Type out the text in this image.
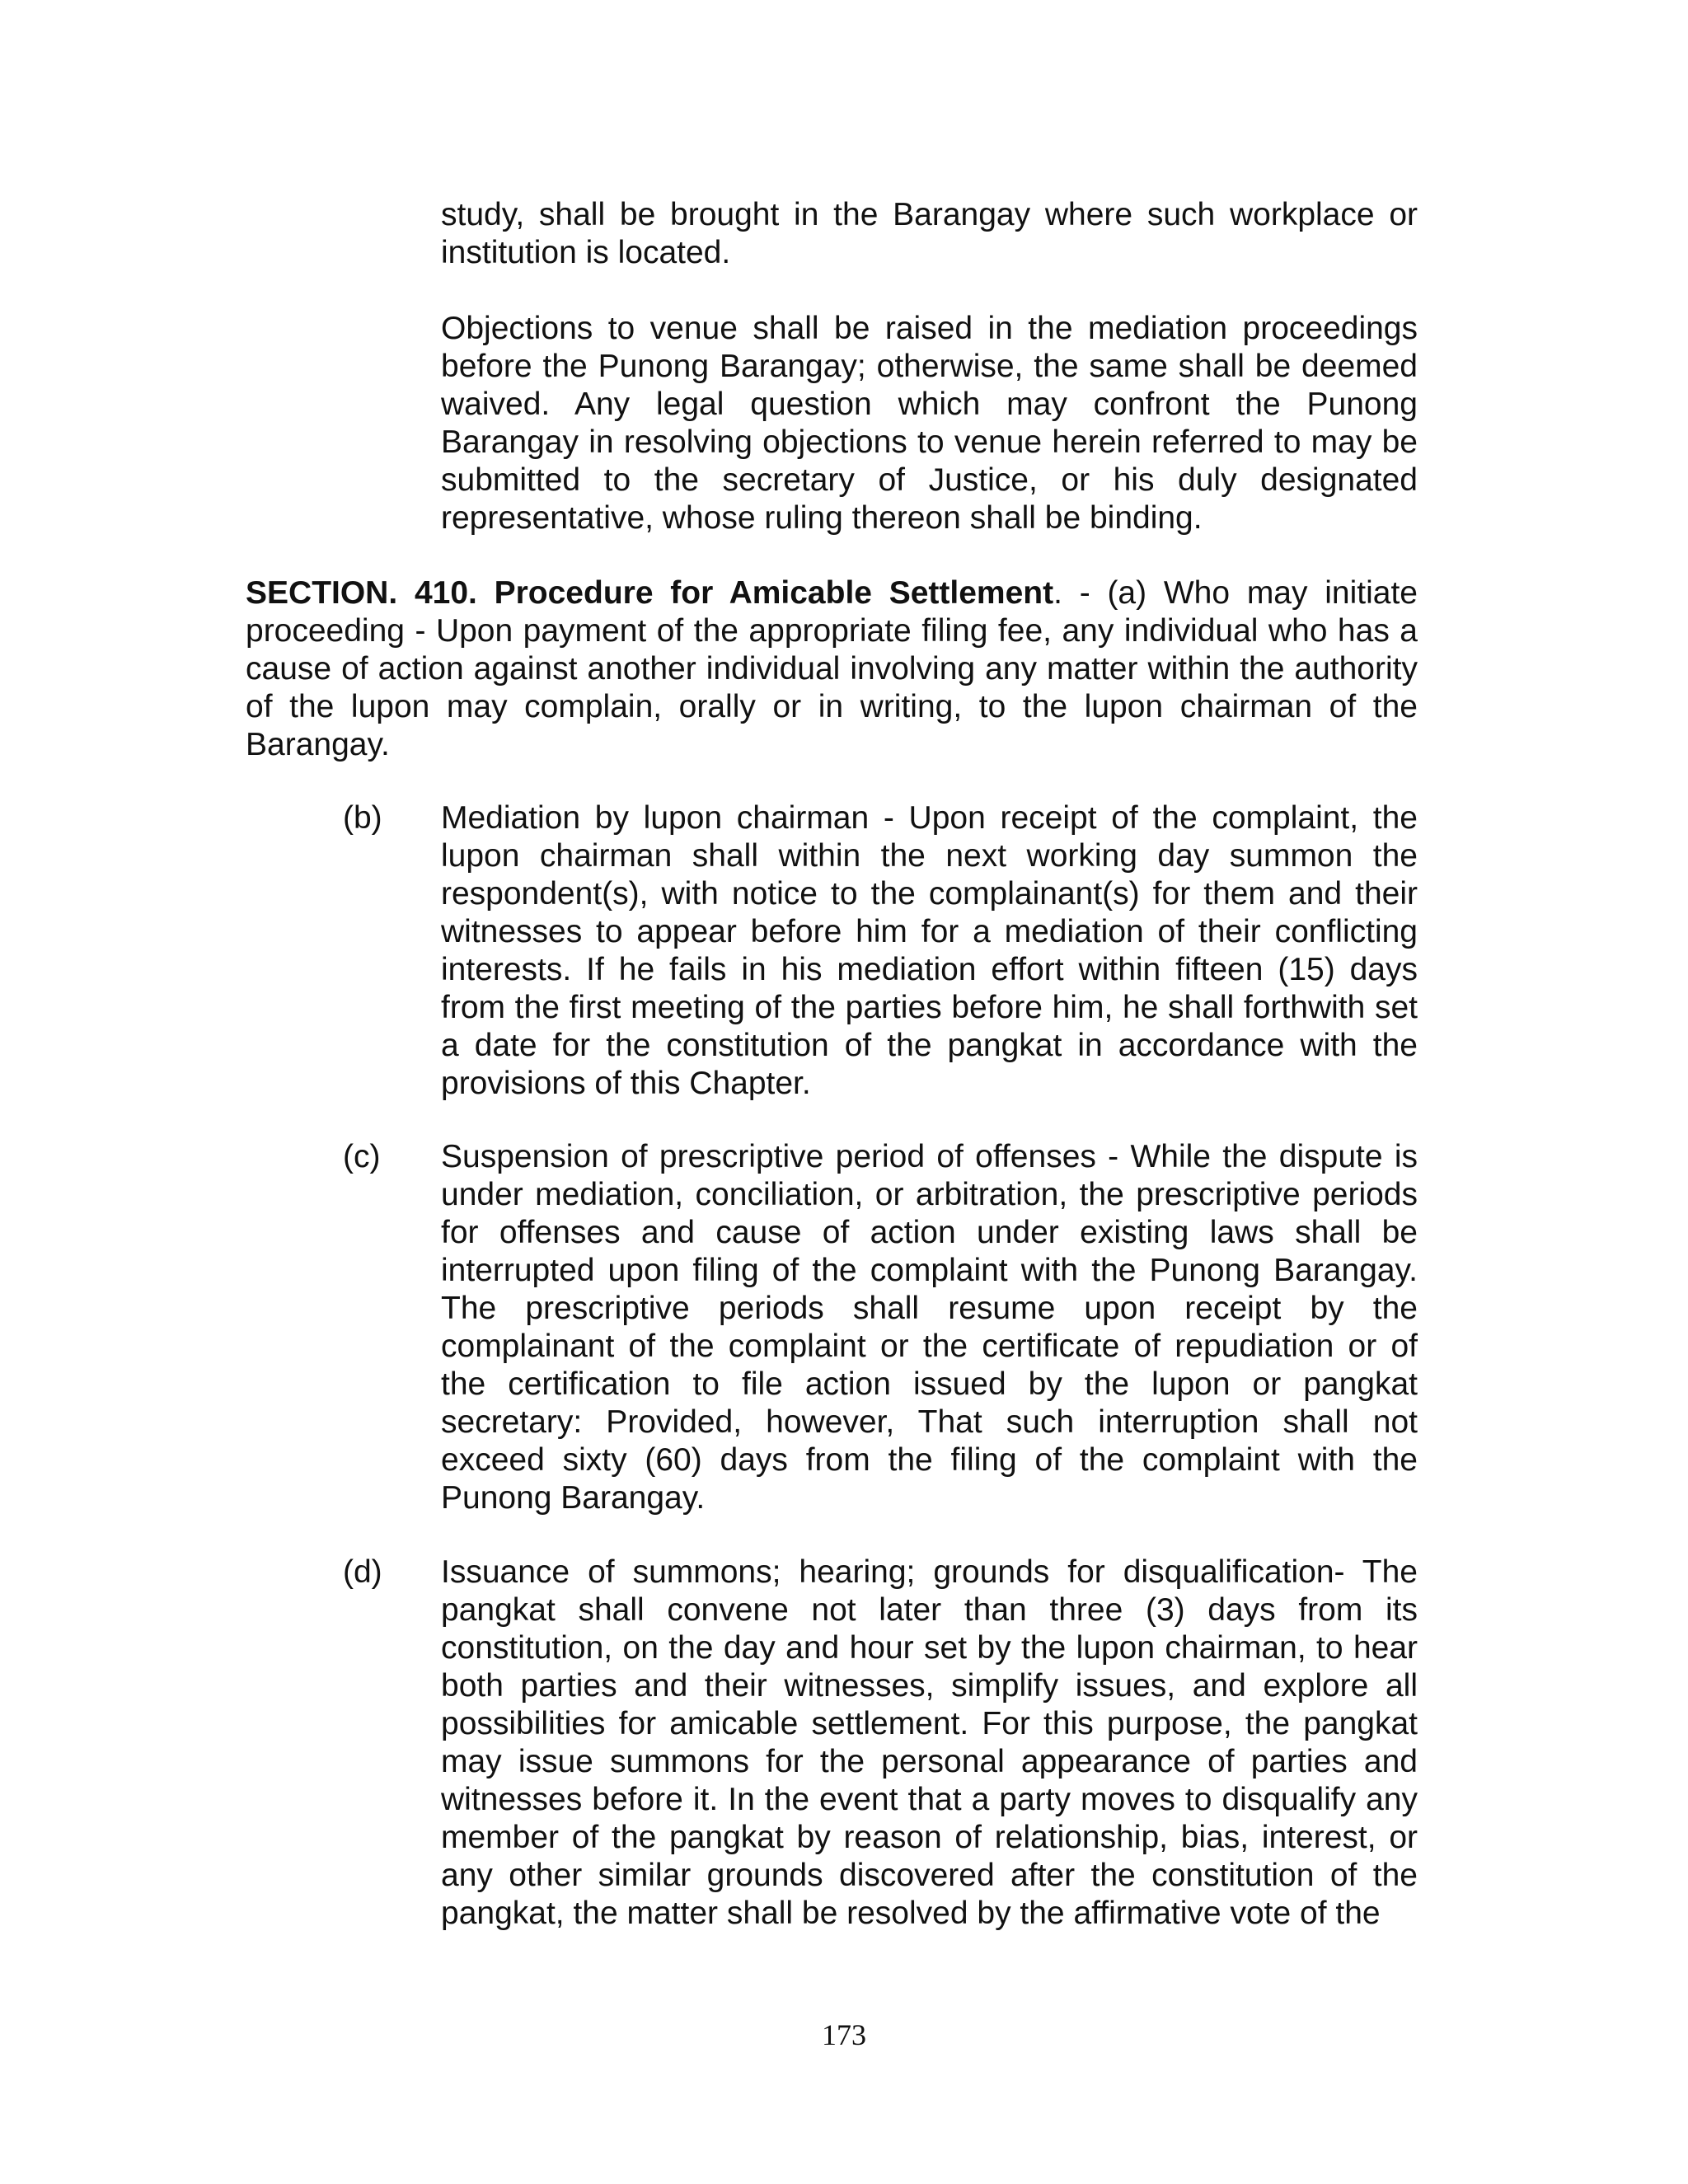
study, shall be brought in the Barangay where such workplace or institution is located.

Objections to venue shall be raised in the mediation proceedings before the Punong Barangay; otherwise, the same shall be deemed waived. Any legal question which may confront the Punong Barangay in resolving objections to venue herein referred to may be submitted to the secretary of Justice, or his duly designated representative, whose ruling thereon shall be binding.

SECTION. 410. Procedure for Amicable Settlement. - (a) Who may initiate proceeding - Upon payment of the appropriate filing fee, any individual who has a cause of action against another individual involving any matter within the authority of the lupon may complain, orally or in writing, to the lupon chairman of the Barangay.

(b) Mediation by lupon chairman - Upon receipt of the complaint, the lupon chairman shall within the next working day summon the respondent(s), with notice to the complainant(s) for them and their witnesses to appear before him for a mediation of their conflicting interests. If he fails in his mediation effort within fifteen (15) days from the first meeting of the parties before him, he shall forthwith set a date for the constitution of the pangkat in accordance with the provisions of this Chapter.

(c) Suspension of prescriptive period of offenses - While the dispute is under mediation, conciliation, or arbitration, the prescriptive periods for offenses and cause of action under existing laws shall be interrupted upon filing of the complaint with the Punong Barangay. The prescriptive periods shall resume upon receipt by the complainant of the complaint or the certificate of repudiation or of the certification to file action issued by the lupon or pangkat secretary: Provided, however, That such interruption shall not exceed sixty (60) days from the filing of the complaint with the Punong Barangay.

(d) Issuance of summons; hearing; grounds for disqualification- The pangkat shall convene not later than three (3) days from its constitution, on the day and hour set by the lupon chairman, to hear both parties and their witnesses, simplify issues, and explore all possibilities for amicable settlement. For this purpose, the pangkat may issue summons for the personal appearance of parties and witnesses before it. In the event that a party moves to disqualify any member of the pangkat by reason of relationship, bias, interest, or any other similar grounds discovered after the constitution of the pangkat, the matter shall be resolved by the affirmative vote of the

173
